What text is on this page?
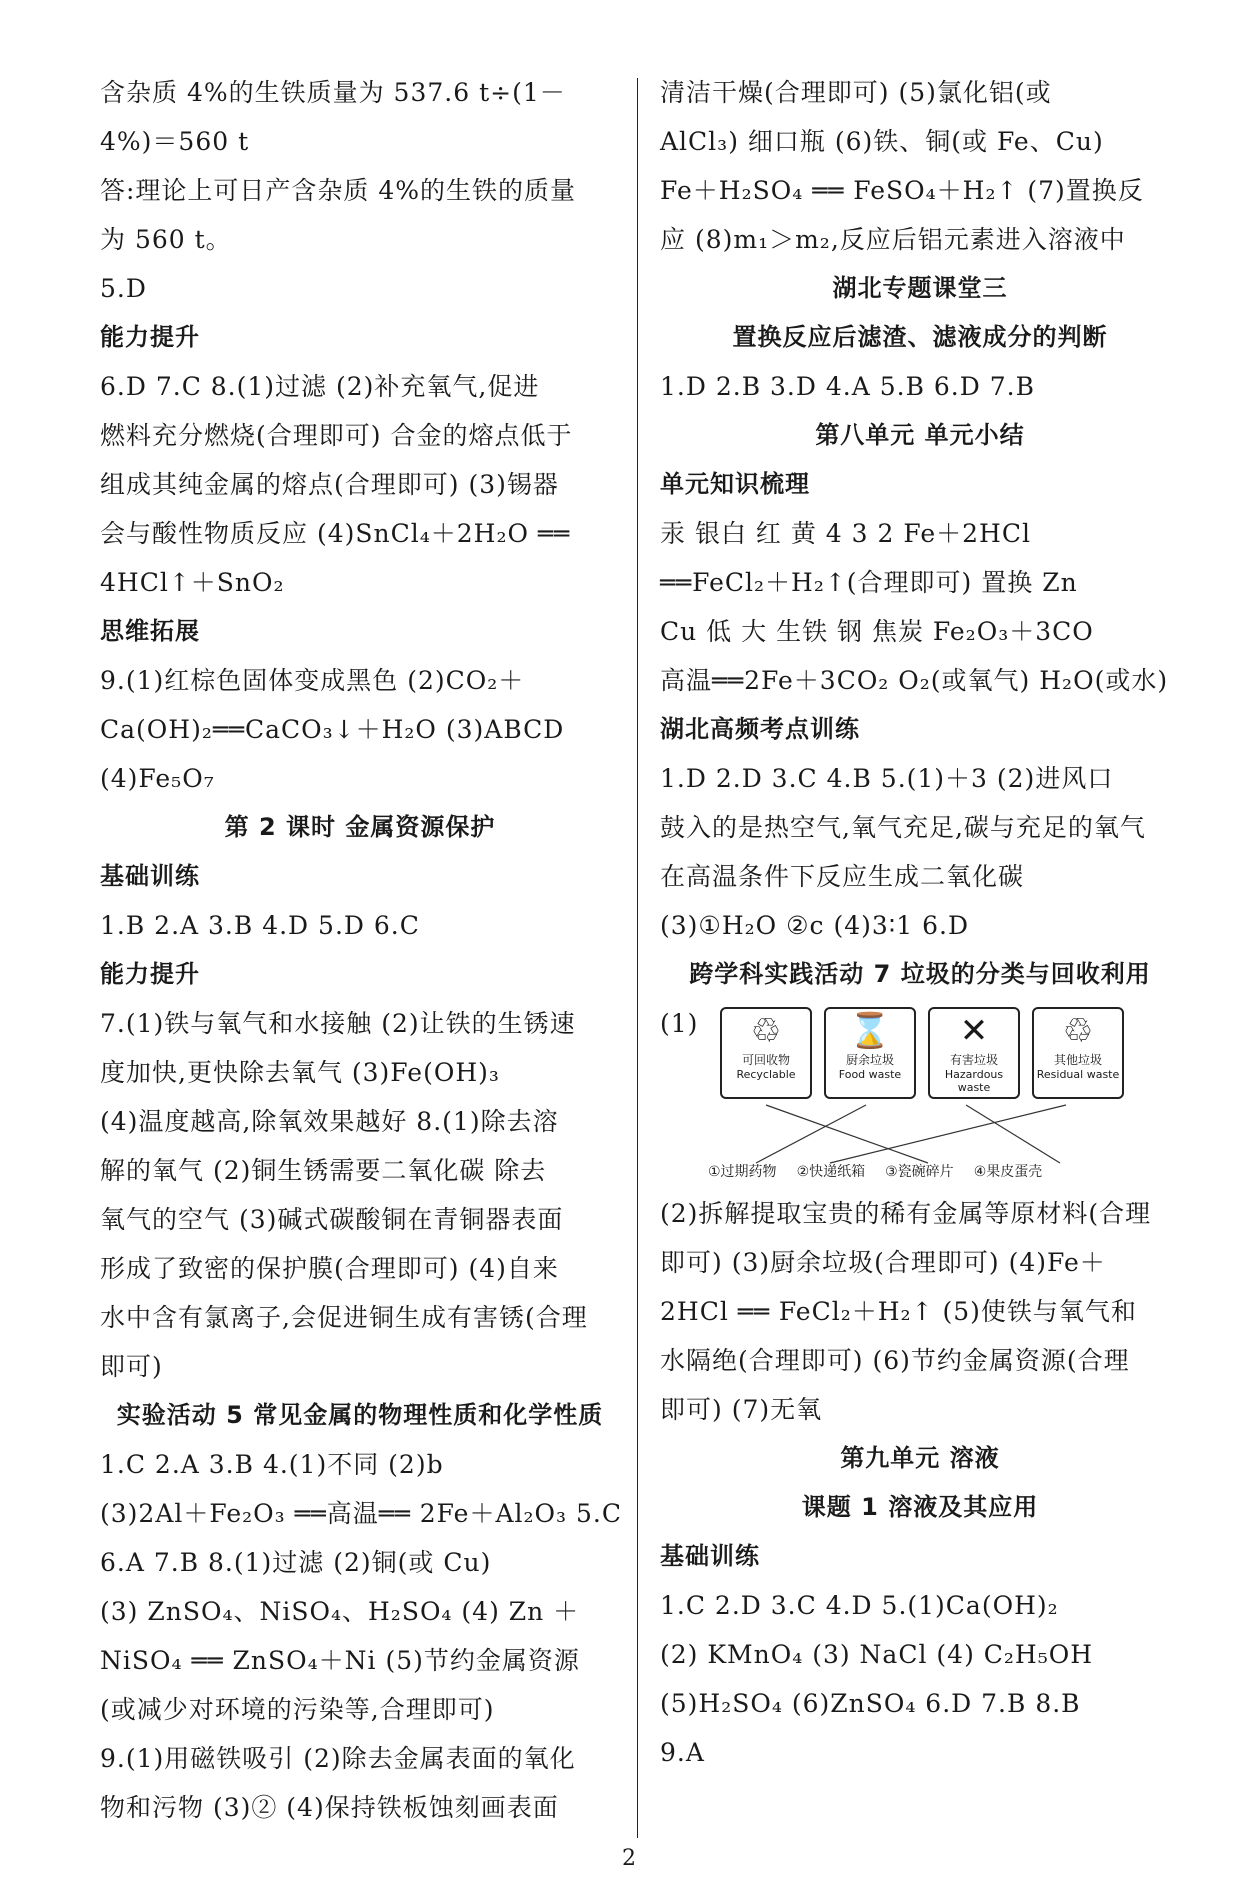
含杂质 4%的生铁质量为 537.6 t÷(1－
4%)＝560 t
答:理论上可日产含杂质 4%的生铁的质量
为 560 t。
5.D
能力提升
6.D 7.C 8.(1)过滤 (2)补充氧气,促进
燃料充分燃烧(合理即可) 合金的熔点低于
组成其纯金属的熔点(合理即可) (3)锡器
会与酸性物质反应 (4)SnCl₄＋2H₂O ══
4HCl↑＋SnO₂
思维拓展
9.(1)红棕色固体变成黑色 (2)CO₂＋
Ca(OH)₂══CaCO₃↓＋H₂O (3)ABCD
(4)Fe₅O₇
第 2 课时 金属资源保护
基础训练
1.B 2.A 3.B 4.D 5.D 6.C
能力提升
7.(1)铁与氧气和水接触 (2)让铁的生锈速
度加快,更快除去氧气 (3)Fe(OH)₃
(4)温度越高,除氧效果越好 8.(1)除去溶
解的氧气 (2)铜生锈需要二氧化碳 除去
氧气的空气 (3)碱式碳酸铜在青铜器表面
形成了致密的保护膜(合理即可) (4)自来
水中含有氯离子,会促进铜生成有害锈(合理
即可)
实验活动 5 常见金属的物理性质和化学性质
1.C 2.A 3.B 4.(1)不同 (2)b
(3)2Al＋Fe₂O₃ ══高温══ 2Fe＋Al₂O₃ 5.C
6.A 7.B 8.(1)过滤 (2)铜(或 Cu)
(3) ZnSO₄、NiSO₄、H₂SO₄ (4) Zn ＋
NiSO₄ ══ ZnSO₄＋Ni (5)节约金属资源
(或减少对环境的污染等,合理即可)
9.(1)用磁铁吸引 (2)除去金属表面的氧化
物和污物 (3)② (4)保持铁板蚀刻画表面
清洁干燥(合理即可) (5)氯化铝(或
AlCl₃) 细口瓶 (6)铁、铜(或 Fe、Cu)
Fe＋H₂SO₄ ══ FeSO₄＋H₂↑ (7)置换反
应 (8)m₁＞m₂,反应后铝元素进入溶液中
湖北专题课堂三
置换反应后滤渣、滤液成分的判断
1.D 2.B 3.D 4.A 5.B 6.D 7.B
第八单元 单元小结
单元知识梳理
汞 银白 红 黄 4 3 2 Fe＋2HCl
══FeCl₂＋H₂↑(合理即可) 置换 Zn
Cu 低 大 生铁 钢 焦炭 Fe₂O₃＋3CO
高温══2Fe＋3CO₂ O₂(或氧气) H₂O(或水)
湖北高频考点训练
1.D 2.D 3.C 4.B 5.(1)＋3 (2)进风口
鼓入的是热空气,氧气充足,碳与充足的氧气
在高温条件下反应生成二氧化碳
(3)①H₂O ②c (4)3∶1 6.D
跨学科实践活动 7 垃圾的分类与回收利用
(1)	♲
可回收物
Recyclable
⌛
厨余垃圾
Food waste
✕
有害垃圾
Hazardous waste
♲
其他垃圾
Residual waste
①过期药物 ②快递纸箱 ③瓷碗碎片 ④果皮蛋壳
(2)拆解提取宝贵的稀有金属等原材料(合理
即可) (3)厨余垃圾(合理即可) (4)Fe＋
2HCl ══ FeCl₂＋H₂↑ (5)使铁与氧气和
水隔绝(合理即可) (6)节约金属资源(合理
即可) (7)无氧
第九单元 溶液
课题 1 溶液及其应用
基础训练
1.C 2.D 3.C 4.D 5.(1)Ca(OH)₂
(2) KMnO₄ (3) NaCl (4) C₂H₅OH
(5)H₂SO₄ (6)ZnSO₄ 6.D 7.B 8.B
9.A
2
